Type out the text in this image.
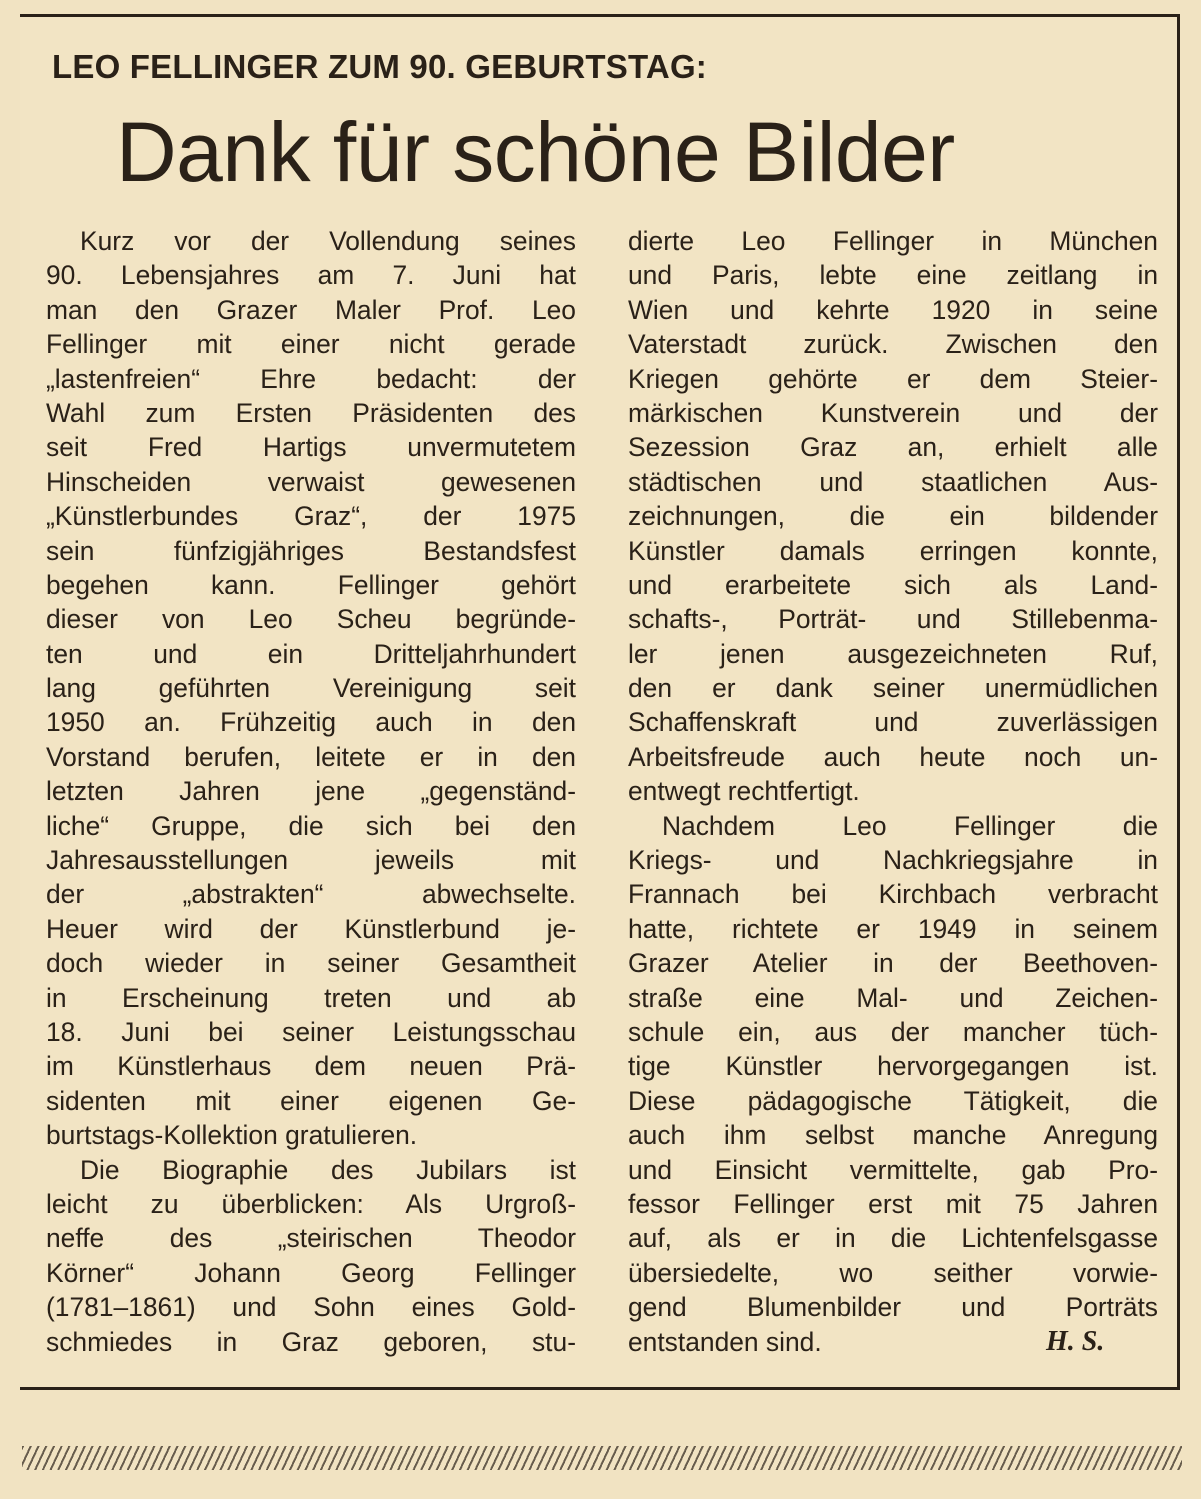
LEO FELLINGER ZUM 90. GEBURTSTAG:
Dank für schöne Bilder
Kurz vor der Vollendung seines
90. Lebensjahres am 7. Juni hat
man den Grazer Maler Prof. Leo
Fellinger mit einer nicht gerade
„lastenfreien“ Ehre bedacht: der
Wahl zum Ersten Präsidenten des
seit Fred Hartigs unvermutetem
Hinscheiden verwaist gewesenen
„Künstlerbundes Graz“, der 1975
sein fünfzigjähriges Bestandsfest
begehen kann. Fellinger gehört
dieser von Leo Scheu begründe-
ten und ein Dritteljahrhundert
lang geführten Vereinigung seit
1950 an. Frühzeitig auch in den
Vorstand berufen, leitete er in den
letzten Jahren jene „gegenständ-
liche“ Gruppe, die sich bei den
Jahresausstellungen jeweils mit
der „abstrakten“ abwechselte.
Heuer wird der Künstlerbund je-
doch wieder in seiner Gesamtheit
in Erscheinung treten und ab
18. Juni bei seiner Leistungsschau
im Künstlerhaus dem neuen Prä-
sidenten mit einer eigenen Ge-
burtstags-Kollektion gratulieren.
Die Biographie des Jubilars ist
leicht zu überblicken: Als Urgroß-
neffe des „steirischen Theodor
Körner“ Johann Georg Fellinger
(1781–1861) und Sohn eines Gold-
schmiedes in Graz geboren, stu-
dierte Leo Fellinger in München
und Paris, lebte eine zeitlang in
Wien und kehrte 1920 in seine
Vaterstadt zurück. Zwischen den
Kriegen gehörte er dem Steier-
märkischen Kunstverein und der
Sezession Graz an, erhielt alle
städtischen und staatlichen Aus-
zeichnungen, die ein bildender
Künstler damals erringen konnte,
und erarbeitete sich als Land-
schafts-, Porträt- und Stillebenma-
ler jenen ausgezeichneten Ruf,
den er dank seiner unermüdlichen
Schaffenskraft und zuverlässigen
Arbeitsfreude auch heute noch un-
entwegt rechtfertigt.
Nachdem Leo Fellinger die
Kriegs- und Nachkriegsjahre in
Frannach bei Kirchbach verbracht
hatte, richtete er 1949 in seinem
Grazer Atelier in der Beethoven-
straße eine Mal- und Zeichen-
schule ein, aus der mancher tüch-
tige Künstler hervorgegangen ist.
Diese pädagogische Tätigkeit, die
auch ihm selbst manche Anregung
und Einsicht vermittelte, gab Pro-
fessor Fellinger erst mit 75 Jahren
auf, als er in die Lichtenfelsgasse
übersiedelte, wo seither vorwie-
gend Blumenbilder und Porträts
entstanden sind.	H. S.
